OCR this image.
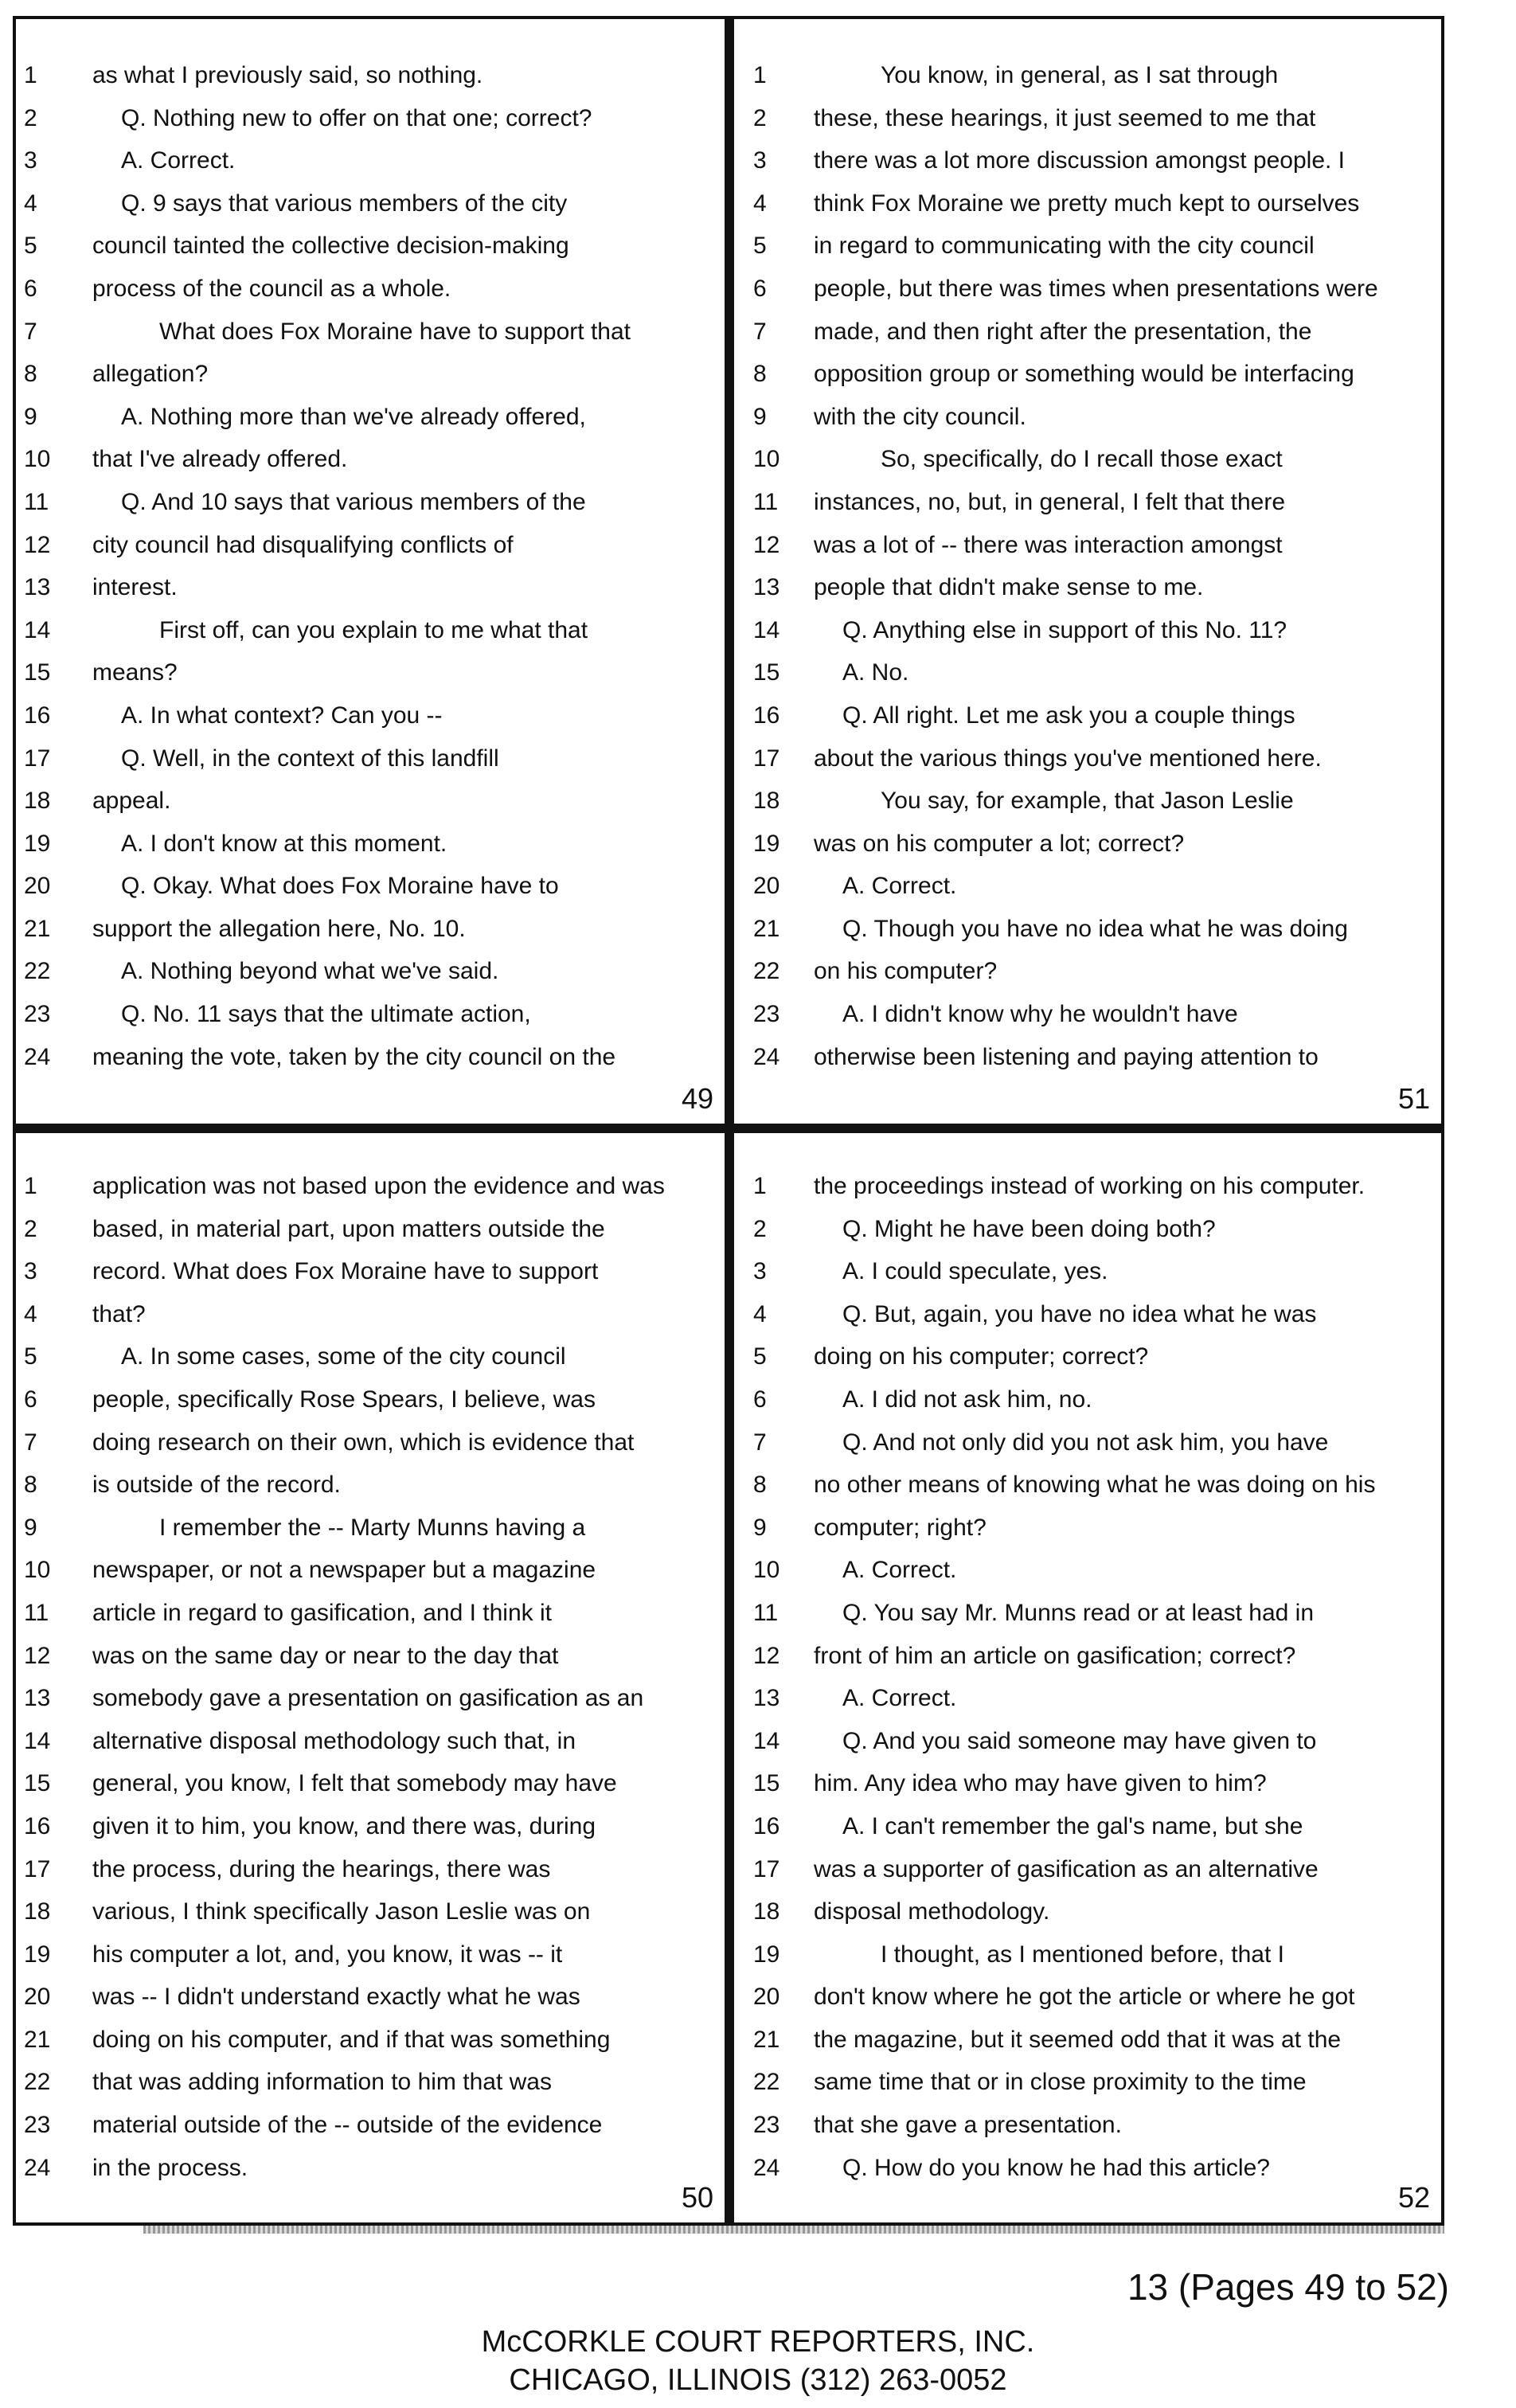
1	as what I previously said, so nothing.
2	Q. Nothing new to offer on that one; correct?
3	A. Correct.
4	Q. 9 says that various members of the city
5	council tainted the collective decision-making
6	process of the council as a whole.
7	What does Fox Moraine have to support that
8	allegation?
9	A. Nothing more than we've already offered,
10	that I've already offered.
11	Q. And 10 says that various members of the
12	city council had disqualifying conflicts of
13	interest.
14	First off, can you explain to me what that
15	means?
16	A. In what context? Can you --
17	Q. Well, in the context of this landfill
18	appeal.
19	A. I don't know at this moment.
20	Q. Okay. What does Fox Moraine have to
21	support the allegation here, No. 10.
22	A. Nothing beyond what we've said.
23	Q. No. 11 says that the ultimate action,
24	meaning the vote, taken by the city council on the
49
1	You know, in general, as I sat through
2	these, these hearings, it just seemed to me that
3	there was a lot more discussion amongst people. I
4	think Fox Moraine we pretty much kept to ourselves
5	in regard to communicating with the city council
6	people, but there was times when presentations were
7	made, and then right after the presentation, the
8	opposition group or something would be interfacing
9	with the city council.
10	So, specifically, do I recall those exact
11	instances, no, but, in general, I felt that there
12	was a lot of -- there was interaction amongst
13	people that didn't make sense to me.
14	Q. Anything else in support of this No. 11?
15	A. No.
16	Q. All right. Let me ask you a couple things
17	about the various things you've mentioned here.
18	You say, for example, that Jason Leslie
19	was on his computer a lot; correct?
20	A. Correct.
21	Q. Though you have no idea what he was doing
22	on his computer?
23	A. I didn't know why he wouldn't have
24	otherwise been listening and paying attention to
51
1	application was not based upon the evidence and was
2	based, in material part, upon matters outside the
3	record. What does Fox Moraine have to support
4	that?
5	A. In some cases, some of the city council
6	people, specifically Rose Spears, I believe, was
7	doing research on their own, which is evidence that
8	is outside of the record.
9	I remember the -- Marty Munns having a
10	newspaper, or not a newspaper but a magazine
11	article in regard to gasification, and I think it
12	was on the same day or near to the day that
13	somebody gave a presentation on gasification as an
14	alternative disposal methodology such that, in
15	general, you know, I felt that somebody may have
16	given it to him, you know, and there was, during
17	the process, during the hearings, there was
18	various, I think specifically Jason Leslie was on
19	his computer a lot, and, you know, it was -- it
20	was -- I didn't understand exactly what he was
21	doing on his computer, and if that was something
22	that was adding information to him that was
23	material outside of the -- outside of the evidence
24	in the process.
50
1	the proceedings instead of working on his computer.
2	Q. Might he have been doing both?
3	A. I could speculate, yes.
4	Q. But, again, you have no idea what he was
5	doing on his computer; correct?
6	A. I did not ask him, no.
7	Q. And not only did you not ask him, you have
8	no other means of knowing what he was doing on his
9	computer; right?
10	A. Correct.
11	Q. You say Mr. Munns read or at least had in
12	front of him an article on gasification; correct?
13	A. Correct.
14	Q. And you said someone may have given to
15	him. Any idea who may have given to him?
16	A. I can't remember the gal's name, but she
17	was a supporter of gasification as an alternative
18	disposal methodology.
19	I thought, as I mentioned before, that I
20	don't know where he got the article or where he got
21	the magazine, but it seemed odd that it was at the
22	same time that or in close proximity to the time
23	that she gave a presentation.
24	Q. How do you know he had this article?
52
13 (Pages 49 to 52)
McCORKLE COURT REPORTERS, INC.
CHICAGO, ILLINOIS (312) 263-0052
